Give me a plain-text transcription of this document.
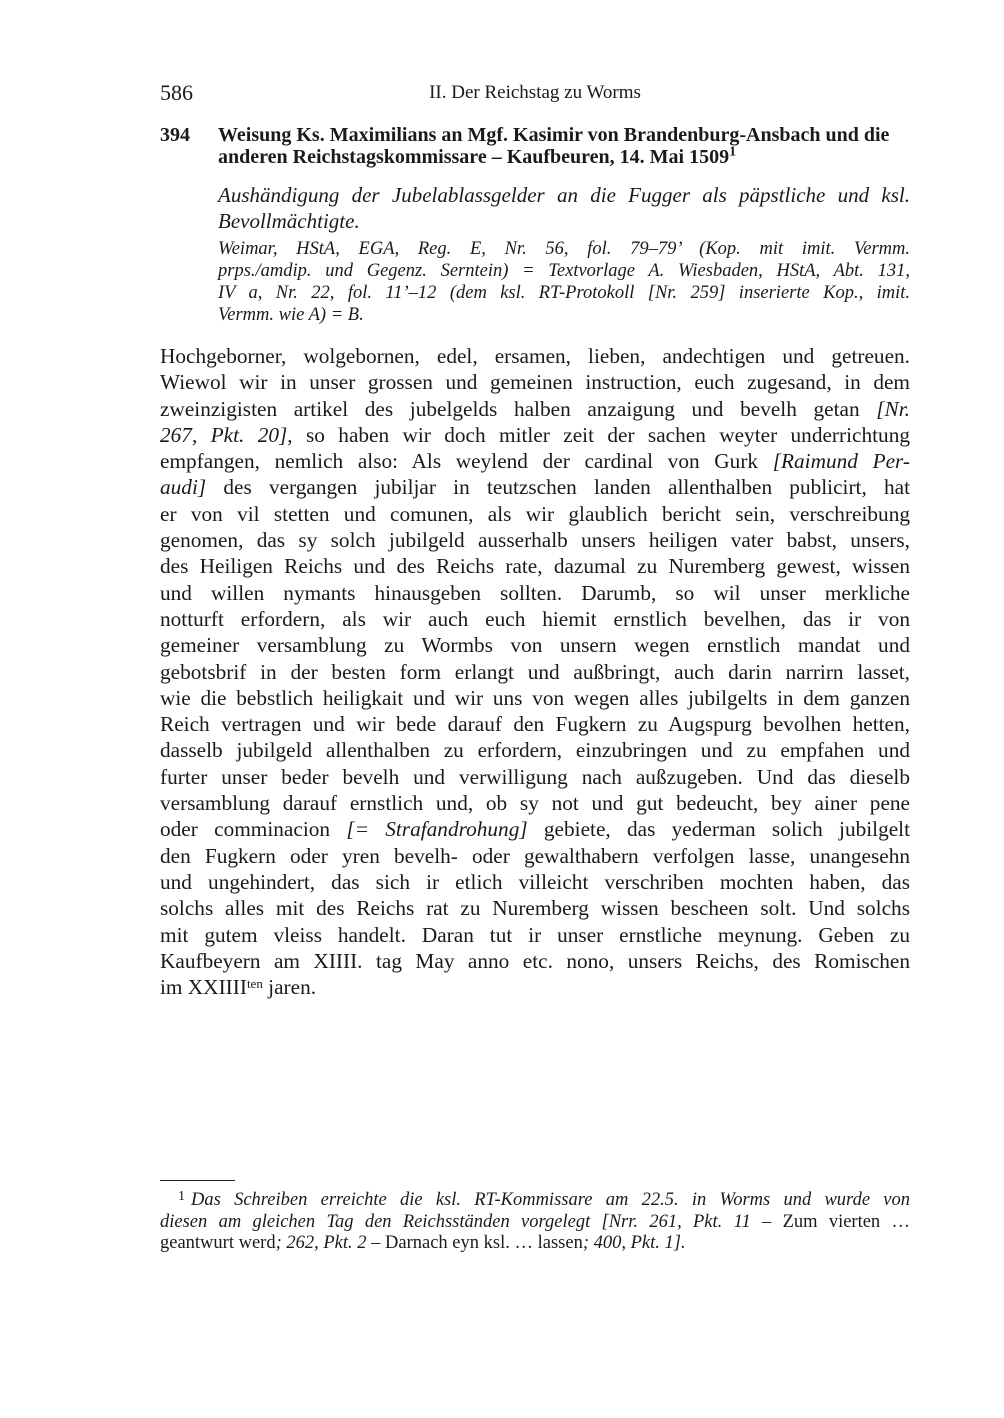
586	II. Der Reichstag zu Worms
394 Weisung Ks. Maximilians an Mgf. Kasimir von Brandenburg-Ansbach und die anderen Reichstagskommissare – Kaufbeuren, 14. Mai 1509$^1$
Aushändigung der Jubelablassgelder an die Fugger als päpstliche und ksl. Bevollmächtigte.
Weimar, HStA, EGA, Reg. E, Nr. 56, fol. 79–79’ (Kop. mit imit. Vermm.
prps./amdip. und Gegenz. Serntein) = Textvorlage A. Wiesbaden, HStA, Abt. 131,
IV a, Nr. 22, fol. 11’–12 (dem ksl. RT-Protokoll [Nr. 259] inserierte Kop., imit.
Vermm. wie A) = B.
Hochgeborner, wolgebornen, edel, ersamen, lieben, andechtigen und getreuen.
Wiewol wir in unser grossen und gemeinen instruction, euch zugesand, in dem
zweinzigisten artikel des jubelgelds halben anzaigung und bevelh getan [Nr.
267, Pkt. 20], so haben wir doch mitler zeit der sachen weyter underrichtung
empfangen, nemlich also: Als weylend der cardinal von Gurk [Raimund Per-
audi] des vergangen jubiljar in teutzschen landen allenthalben publicirt, hat
er von vil stetten und comunen, als wir glaublich bericht sein, verschreibung
genomen, das sy solch jubilgeld ausserhalb unsers heiligen vater babst, unsers,
des Heiligen Reichs und des Reichs rate, dazumal zu Nuremberg gewest, wissen
und willen nymants hinausgeben sollten. Darumb, so wil unser merkliche
notturft erfordern, als wir auch euch hiemit ernstlich bevelhen, das ir von
gemeiner versamblung zu Wormbs von unsern wegen ernstlich mandat und
gebotsbrif in der besten form erlangt und außbringt, auch darin narrirn lasset,
wie die bebstlich heiligkait und wir uns von wegen alles jubilgelts in dem ganzen
Reich vertragen und wir bede darauf den Fugkern zu Augspurg bevolhen hetten,
dasselb jubilgeld allenthalben zu erfordern, einzubringen und zu empfahen und
furter unser beder bevelh und verwilligung nach außzugeben. Und das dieselb
versamblung darauf ernstlich und, ob sy not und gut bedeucht, bey ainer pene
oder comminacion [= Strafandrohung] gebiete, das yederman solich jubilgelt
den Fugkern oder yren bevelh- oder gewalthabern verfolgen lasse, unangesehn
und ungehindert, das sich ir etlich villeicht verschriben mochten haben, das
solchs alles mit des Reichs rat zu Nuremberg wissen bescheen solt. Und solchs
mit gutem vleiss handelt. Daran tut ir unser ernstliche meynung. Geben zu
Kaufbeyern am XIIII. tag May anno etc. nono, unsers Reichs, des Romischen
im $XXIIII^{ten}$ jaren.
$^1$ Das Schreiben erreichte die ksl. RT-Kommissare am 22.5. in Worms und wurde von
diesen am gleichen Tag den Reichsständen vorgelegt [Nrr. 261, Pkt. 11 – Zum vierten …
geantwurt werd; 262, Pkt. 2 – Darnach eyn ksl. … lassen; 400, Pkt. 1].
